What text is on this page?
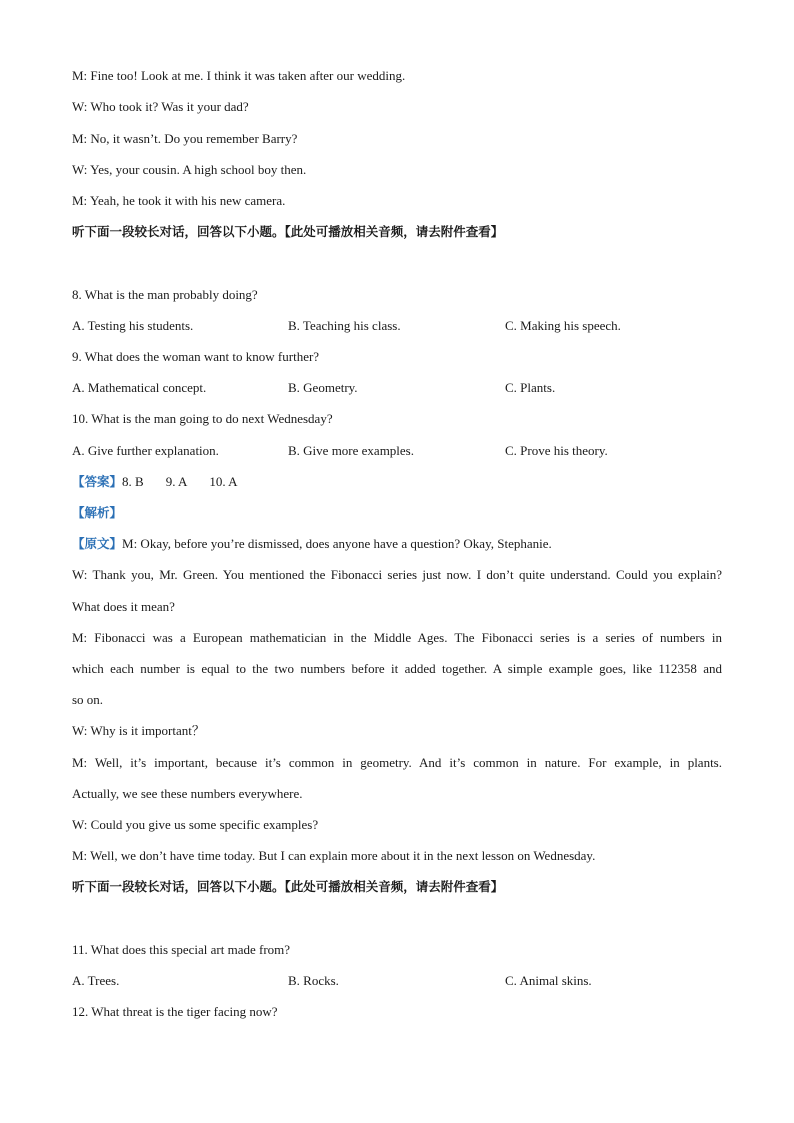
M: Fine too! Look at me. I think it was taken after our wedding.
W: Who took it? Was it your dad?
M: No, it wasn’t. Do you remember Barry?
W: Yes, your cousin. A high school boy then.
M: Yeah, he took it with his new camera.
听下面一段较长对话，回答以下小题。【此处可播放相关音频，请去附件查看】
8. What is the man probably doing?
A. Testing his students.	B. Teaching his class.	C. Making his speech.
9. What does the woman want to know further?
A. Mathematical concept.	B. Geometry.	C. Plants.
10. What is the man going to do next Wednesday?
A. Give further explanation.	B. Give more examples.	C. Prove his theory.
【答案】8. B 9. A 10. A
【解析】
【原文】M: Okay, before you’re dismissed, does anyone have a question? Okay, Stephanie.
W: Thank you, Mr. Green. You mentioned the Fibonacci series just now. I don’t quite understand. Could you explain?
What does it mean?
M: Fibonacci was a European mathematician in the Middle Ages. The Fibonacci series is a series of numbers in
which each number is equal to the two numbers before it added together. A simple example goes, like 112358 and
so on.
W: Why is it important？
M: Well, it’s important, because it’s common in geometry. And it’s common in nature. For example, in plants.
Actually, we see these numbers everywhere.
W: Could you give us some specific examples?
M: Well, we don’t have time today. But I can explain more about it in the next lesson on Wednesday.
听下面一段较长对话，回答以下小题。【此处可播放相关音频，请去附件查看】
11. What does this special art made from?
A. Trees.	B. Rocks.	C. Animal skins.
12. What threat is the tiger facing now?
